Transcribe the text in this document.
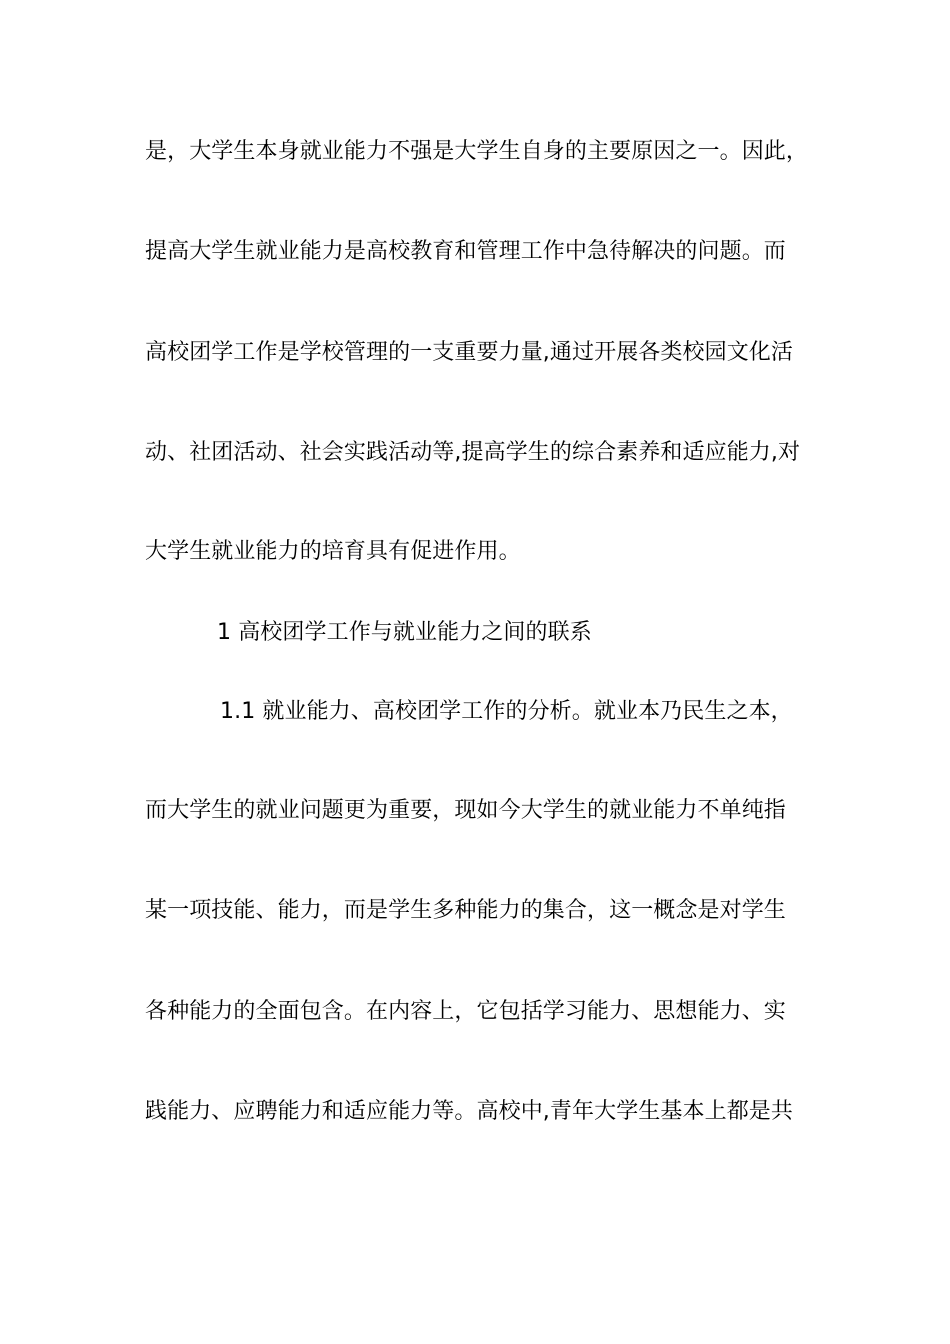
是，大学生本身就业能力不强是大学生自身的主要原因之一。因此，
提高大学生就业能力是高校教育和管理工作中急待解决的问题。而
高校团学工作是学校管理的一支重要力量,通过开展各类校园文化活
动、社团活动、社会实践活动等,提高学生的综合素养和适应能力,对
大学生就业能力的培育具有促进作用。
1 高校团学工作与就业能力之间的联系
1.1 就业能力、高校团学工作的分析。就业本乃民生之本，
而大学生的就业问题更为重要，现如今大学生的就业能力不单纯指
某一项技能、能力，而是学生多种能力的集合，这一概念是对学生
各种能力的全面包含。在内容上，它包括学习能力、思想能力、实
践能力、应聘能力和适应能力等。高校中,青年大学生基本上都是共
